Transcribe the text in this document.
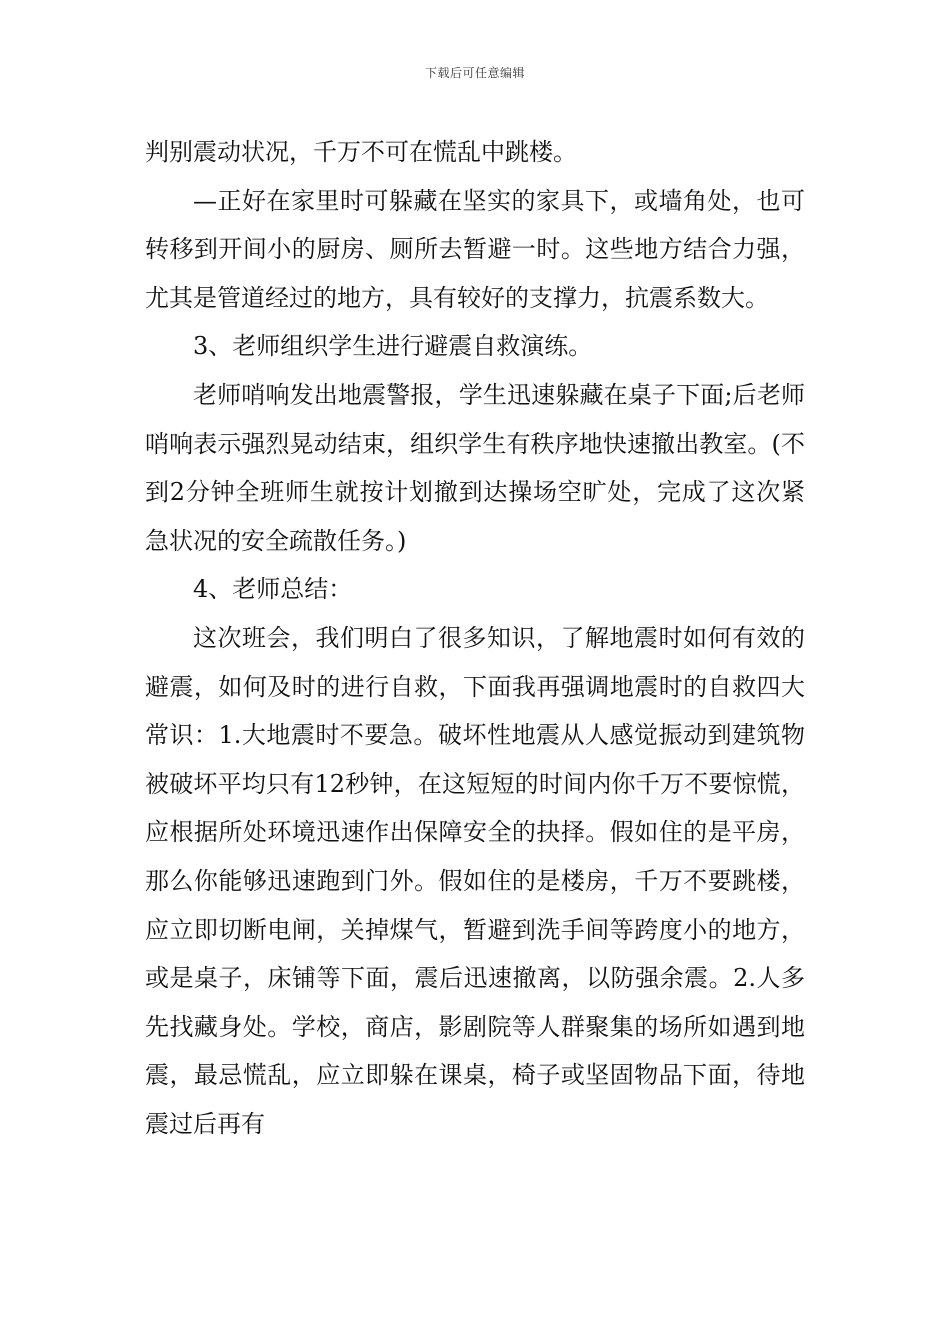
下载后可任意编辑

判别震动状况，千万不可在慌乱中跳楼。

—正好在家里时可躲藏在坚实的家具下，或墙角处，也可转移到开间小的厨房、厕所去暂避一时。这些地方结合力强，尤其是管道经过的地方，具有较好的支撑力，抗震系数大。

3、老师组织学生进行避震自救演练。

老师哨响发出地震警报，学生迅速躲藏在桌子下面;后老师哨响表示强烈晃动结束，组织学生有秩序地快速撤出教室。(不到2分钟全班师生就按计划撤到达操场空旷处，完成了这次紧急状况的安全疏散任务。)

4、老师总结：

这次班会，我们明白了很多知识，了解地震时如何有效的避震，如何及时的进行自救，下面我再强调地震时的自救四大常识：1.大地震时不要急。破坏性地震从人感觉振动到建筑物被破坏平均只有12秒钟，在这短短的时间内你千万不要惊慌，应根据所处环境迅速作出保障安全的抉择。假如住的是平房，那么你能够迅速跑到门外。假如住的是楼房，千万不要跳楼，应立即切断电闸，关掉煤气，暂避到洗手间等跨度小的地方，或是桌子，床铺等下面，震后迅速撤离，以防强余震。2.人多先找藏身处。学校，商店，影剧院等人群聚集的场所如遇到地震，最忌慌乱，应立即躲在课桌，椅子或坚固物品下面，待地震过后再有
